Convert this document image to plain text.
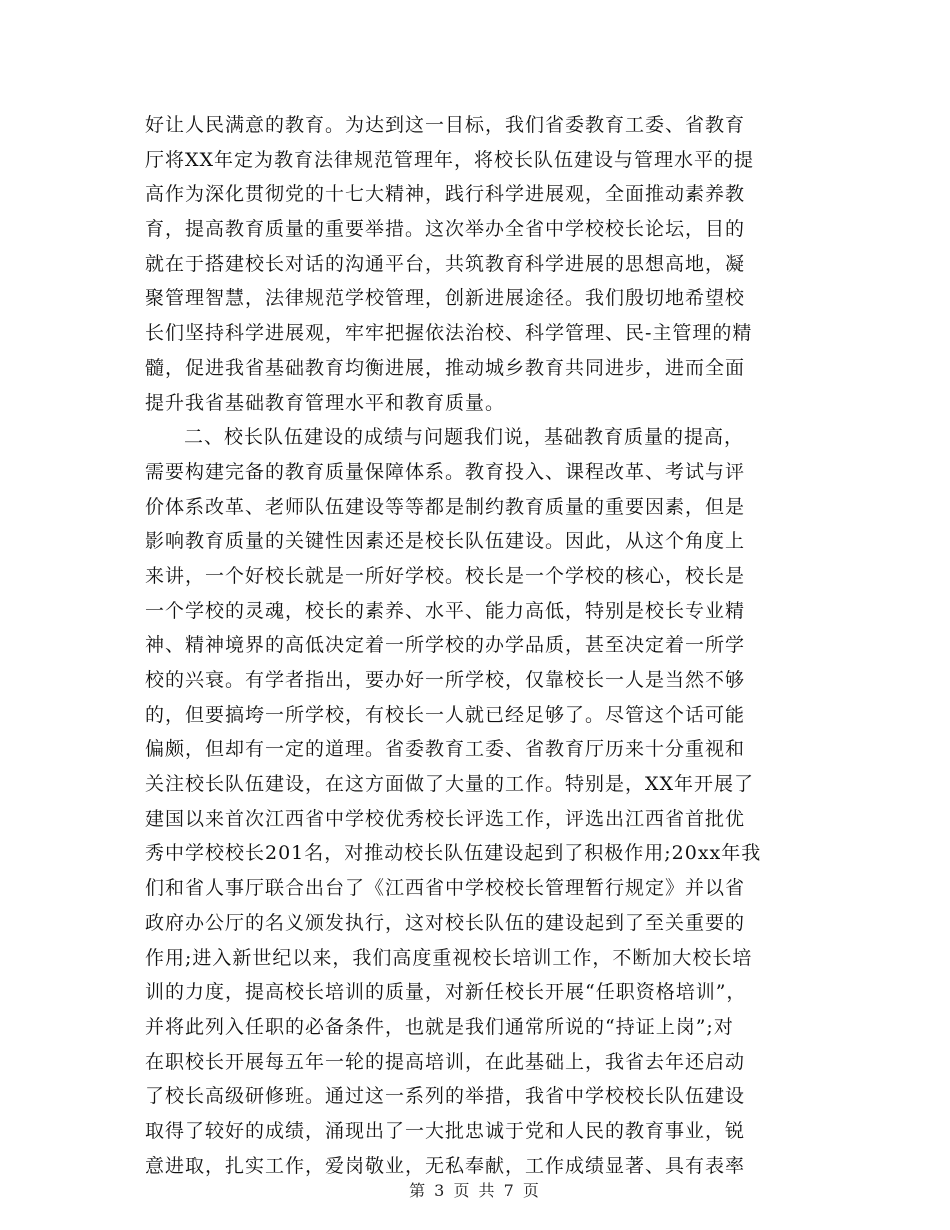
好让人民满意的教育。为达到这一目标，我们省委教育工委、省教育
厅将XX年定为教育法律规范管理年，将校长队伍建设与管理水平的提
高作为深化贯彻党的十七大精神，践行科学进展观，全面推动素养教
育，提高教育质量的重要举措。这次举办全省中学校校长论坛，目的
就在于搭建校长对话的沟通平台，共筑教育科学进展的思想高地，凝
聚管理智慧，法律规范学校管理，创新进展途径。我们殷切地希望校
长们坚持科学进展观，牢牢把握依法治校、科学管理、民-主管理的精
髓，促进我省基础教育均衡进展，推动城乡教育共同进步，进而全面
提升我省基础教育管理水平和教育质量。
二、校长队伍建设的成绩与问题我们说，基础教育质量的提高，
需要构建完备的教育质量保障体系。教育投入、课程改革、考试与评
价体系改革、老师队伍建设等等都是制约教育质量的重要因素，但是
影响教育质量的关键性因素还是校长队伍建设。因此，从这个角度上
来讲，一个好校长就是一所好学校。校长是一个学校的核心，校长是
一个学校的灵魂，校长的素养、水平、能力高低，特别是校长专业精
神、精神境界的高低决定着一所学校的办学品质，甚至决定着一所学
校的兴衰。有学者指出，要办好一所学校，仅靠校长一人是当然不够
的，但要搞垮一所学校，有校长一人就已经足够了。尽管这个话可能
偏颇，但却有一定的道理。省委教育工委、省教育厅历来十分重视和
关注校长队伍建设，在这方面做了大量的工作。特别是，XX年开展了
建国以来首次江西省中学校优秀校长评选工作，评选出江西省首批优
秀中学校校长201名，对推动校长队伍建设起到了积极作用;20xx年我
们和省人事厅联合出台了《江西省中学校校长管理暂行规定》并以省
政府办公厅的名义颁发执行，这对校长队伍的建设起到了至关重要的
作用;进入新世纪以来，我们高度重视校长培训工作，不断加大校长培
训的力度，提高校长培训的质量，对新任校长开展“任职资格培训”，
并将此列入任职的必备条件，也就是我们通常所说的“持证上岗”;对
在职校长开展每五年一轮的提高培训，在此基础上，我省去年还启动
了校长高级研修班。通过这一系列的举措，我省中学校校长队伍建设
取得了较好的成绩，涌现出了一大批忠诚于党和人民的教育事业，锐
意进取，扎实工作，爱岗敬业，无私奉献，工作成绩显著、具有表率
第 3 页 共 7 页
